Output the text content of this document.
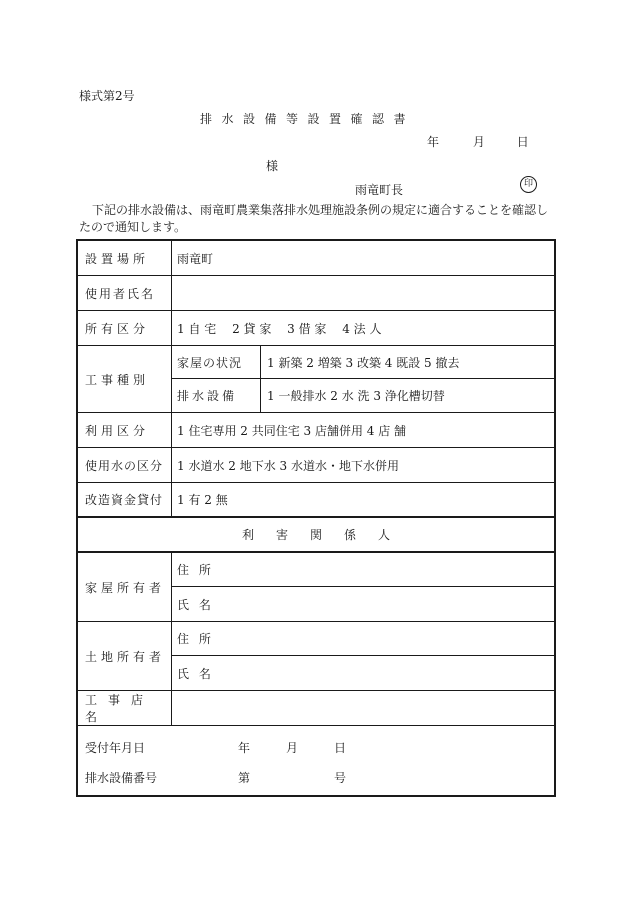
様式第2号
排水設備等設置確認書
年	月	日
様
雨竜町長	印
下記の排水設備は、雨竜町農業集落排水処理施設条例の規定に適合することを確認したので通知します。
設置場所	雨竜町
使用者氏名
所有区分	1 自 宅　 2 貸 家　 3 借 家　 4 法 人
工事種別
家屋の状況	1 新築 2 増築 3 改築 4 既設 5 撤去
排水設備	1 一般排水 2 水 洗 3 浄化槽切替
利用区分	1 住宅専用 2 共同住宅 3 店舗併用 4 店 舗
使用水の区分	1 水道水 2 地下水 3 水道水・地下水併用
改造資金貸付	1 有 2 無
利害関係人
家屋所有者
住 所
氏 名
土地所有者
住 所
氏 名
工事店名
受付年月日	年	月	日
排水設備番号	第	号
